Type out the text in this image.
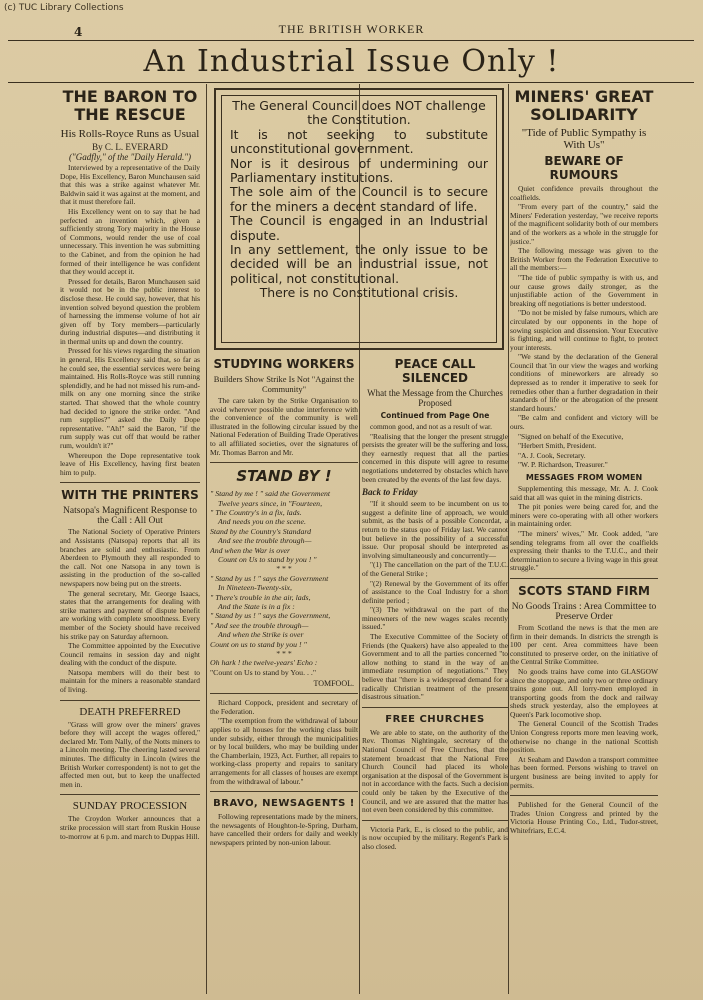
(c) TUC Library Collections
4	THE BRITISH WORKER
An Industrial Issue Only !
THE BARON TO THE RESCUE
His Rolls-Royce Runs as Usual
By C. L. EVERARD
("Gadfly," of the "Daily Herald.")

Interviewed by a representative of the Daily Dope, His Excellency, Baron Munchausen said that this was a strike against whatever Mr. Baldwin said it was against at the moment, and that it must therefore fail.

His Excellency went on to say that he had perfected an invention which, given a sufficiently strong Tory majority in the House of Commons, would render the use of coal unnecessary. This invention he was submitting to the Cabinet, and from the opinion he had formed of their intelligence he was confident that they would accept it.

Pressed for details, Baron Munchausen said it would not be in the public interest to disclose these. He could say, however, that his invention solved beyond question the problem of harnessing the immense volume of hot air given off by Tory members—particularly during industrial disputes—and distributing it in thermal units up and down the country.

Pressed for his views regarding the situation in general, His Excellency said that, so far as he could see, the essential services were being maintained. His Rolls-Royce was still running splendidly, and he had not missed his rum-and-milk on any one morning since the strike started. That showed that the whole country had decided to ignore the strike order. "And rum supplies?" asked the Daily Dope representative. "Ah!" said the Baron, "if the rum supply was cut off that would be rather rum, wouldn't it?"

Whereupon the Dope representative took leave of His Excellency, having first beaten him to pulp.

WITH THE PRINTERS
Natsopa's Magnificent Response to the Call : All Out

The National Society of Operative Printers and Assistants (Natsopa) reports that all its branches are solid and enthusiastic. From Aberdeen to Plymouth they all responded to the call. Not one Natsopa in any town is assisting in the production of the so-called newspapers now being put on the streets.

The general secretary, Mr. George Isaacs, states that the arrangements for dealing with strike matters and payment of dispute benefit are working with complete smoothness. Every member of the Society should have received his strike pay on Saturday afternoon.

The Committee appointed by the Executive Council remains in session day and night dealing with the conduct of the dispute.

Natsopa members will do their best to maintain for the miners a reasonable standard of living.

DEATH PREFERRED

"Grass will grow over the miners' graves before they will accept the wages offered," declared Mr. Tom Nally, of the Notts miners to a Lincoln meeting. The cheering lasted several minutes. The difficulty in Lincoln (wires the British Worker correspondent) is not to get the affected men out, but to keep the unaffected men in.

SUNDAY PROCESSION

The Croydon Worker announces that a strike procession will start from Ruskin House to-morrow at 6 p.m. and march to Duppas Hill.

The General Council does NOT challenge the Constitution.

It is not seeking to substitute unconstitutional government.

Nor is it desirous of undermining our Parliamentary institutions.

The sole aim of the Council is to secure for the miners a decent standard of life.

The Council is engaged in an Industrial dispute.

In any settlement, the only issue to be decided will be an industrial issue, not political, not constitutional.

There is no Constitutional crisis.

STUDYING WORKERS
Builders Show Strike Is Not "Against the Community"

The care taken by the Strike Organisation to avoid wherever possible undue interference with the convenience of the community is well illustrated in the following circular issued by the National Federation of Building Trade Operatives to all affiliated societies, over the signatures of Mr. Thomas Barron and Mr.

STAND BY !

" Stand by me ! " said the Government

Twelve years since, in "Fourteen,

" The Country's in a fix, lads.

And needs you on the scene.

Stand by the Country's Standard

And see the trouble through—

And when the War is over

Count on Us to stand by you ! "

* * *

" Stand by us ! " says the Government

In Nineteen-Twenty-six,

" There's trouble in the air, lads,

And the State is in a fix :

" Stand by us ! " says the Government,

" And see the trouble through—

And when the Strike is over

Count on us to stand by you ! "

* * *

Oh hark ! the twelve-years' Echo :

"Count on Us to stand by You. . ."

TOMFOOL.

Richard Coppock, president and secretary of the Federation.

"The exemption from the withdrawal of labour applies to all houses for the working class built under subsidy, either through the municipalities or by local builders, who may be building under the Chamberlain, 1923, Act. Further, all repairs to working-class property and repairs to sanitary arrangements for all classes of houses are exempt from the withdrawal of labour."

BRAVO, NEWSAGENTS !

Following representations made by the miners, the newsagents of Houghton-le-Spring, Durham, have cancelled their orders for daily and weekly newspapers printed by non-union labour.

PEACE CALL SILENCED
What the Message from the Churches Proposed
Continued from Page One

common good, and not as a result of war.

"Realising that the longer the present struggle persists the greater will be the suffering and loss, they earnestly request that all the parties concerned in this dispute will agree to resume negotiations undeterred by obstacles which have been created by the events of the last few days.

Back to Friday

"If it should seem to be incumbent on us to suggest a definite line of approach, we would submit, as the basis of a possible Concordat, a return to the status quo of Friday last. We cannot but believe in the possibility of a successful issue. Our proposal should be interpreted as involving simultaneously and concurrently—

"(1) The cancellation on the part of the T.U.C. of the General Strike ;

"(2) Renewal by the Government of its offer of assistance to the Coal Industry for a short definite period ;

"(3) The withdrawal on the part of the mineowners of the new wages scales recently issued."

The Executive Committee of the Society of Friends (the Quakers) have also appealed to the Government and to all the parties concerned "to allow nothing to stand in the way of an immediate resumption of negotiations." They believe that "there is a widespread demand for a radically Christian treatment of the present disastrous situation."

FREE CHURCHES

We are able to state, on the authority of the Rev. Thomas Nightingale, secretary of the National Council of Free Churches, that the statement broadcast that the National Free Church Council had placed its whole organisation at the disposal of the Government is not in accordance with the facts. Such a decision could only be taken by the Executive of the Council, and we are assured that the matter has not even been considered by this committee.

Victoria Park, E., is closed to the public, and is now occupied by the military. Regent's Park is also closed.

MINERS' GREAT SOLIDARITY
"Tide of Public Sympathy is With Us"
BEWARE OF RUMOURS

Quiet confidence prevails throughout the coalfields.

"From every part of the country," said the Miners' Federation yesterday, "we receive reports of the magnificent solidarity both of our members and of the workers as a whole in the struggle for justice."

The following message was given to the British Worker from the Federation Executive to all the members:—

"The tide of public sympathy is with us, and our cause grows daily stronger, as the unjustifiable action of the Government in breaking off negotiations is better understood.

"Do not be misled by false rumours, which are circulated by our opponents in the hope of sowing suspicion and dissension. Your Executive is fighting, and will continue to fight, to protect your interests.

"We stand by the declaration of the General Council that 'in our view the wages and working conditions of mineworkers are already so depressed as to render it imperative to seek for remedies other than a further degradation in their standards of life or the abrogation of the present standard hours.'

"Be calm and confident and victory will be ours.

"Signed on behalf of the Executive,

"Herbert Smith, President.

"A. J. Cook, Secretary.

"W. P. Richardson, Treasurer."

MESSAGES FROM WOMEN

Supplementing this message, Mr. A. J. Cook said that all was quiet in the mining districts.

The pit ponies were being cared for, and the miners were co-operating with all other workers in maintaining order.

"The miners' wives," Mr. Cook added, "are sending telegrams from all over the coalfields expressing their thanks to the T.U.C., and their determination to secure a living wage in this great struggle."

SCOTS STAND FIRM
No Goods Trains : Area Committee to Preserve Order

From Scotland the news is that the men are firm in their demands. In districts the strength is 100 per cent. Area committees have been constituted to preserve order, on the initiative of the Central Strike Committee.

No goods trains have come into GLASGOW since the stoppage, and only two or three ordinary trains gone out. All lorry-men employed in transporting goods from the dock and railway sheds struck yesterday, also the employees at Queen's Park locomotive shop.

The General Council of the Scottish Trades Union Congress reports more men leaving work, otherwise no change in the national Scottish position.

At Seaham and Dawdon a transport committee has been formed. Persons wishing to travel on urgent business are being invited to apply for permits.

Published for the General Council of the Trades Union Congress and printed by the Victoria House Printing Co., Ltd., Tudor-street, Whitefriars, E.C.4.
